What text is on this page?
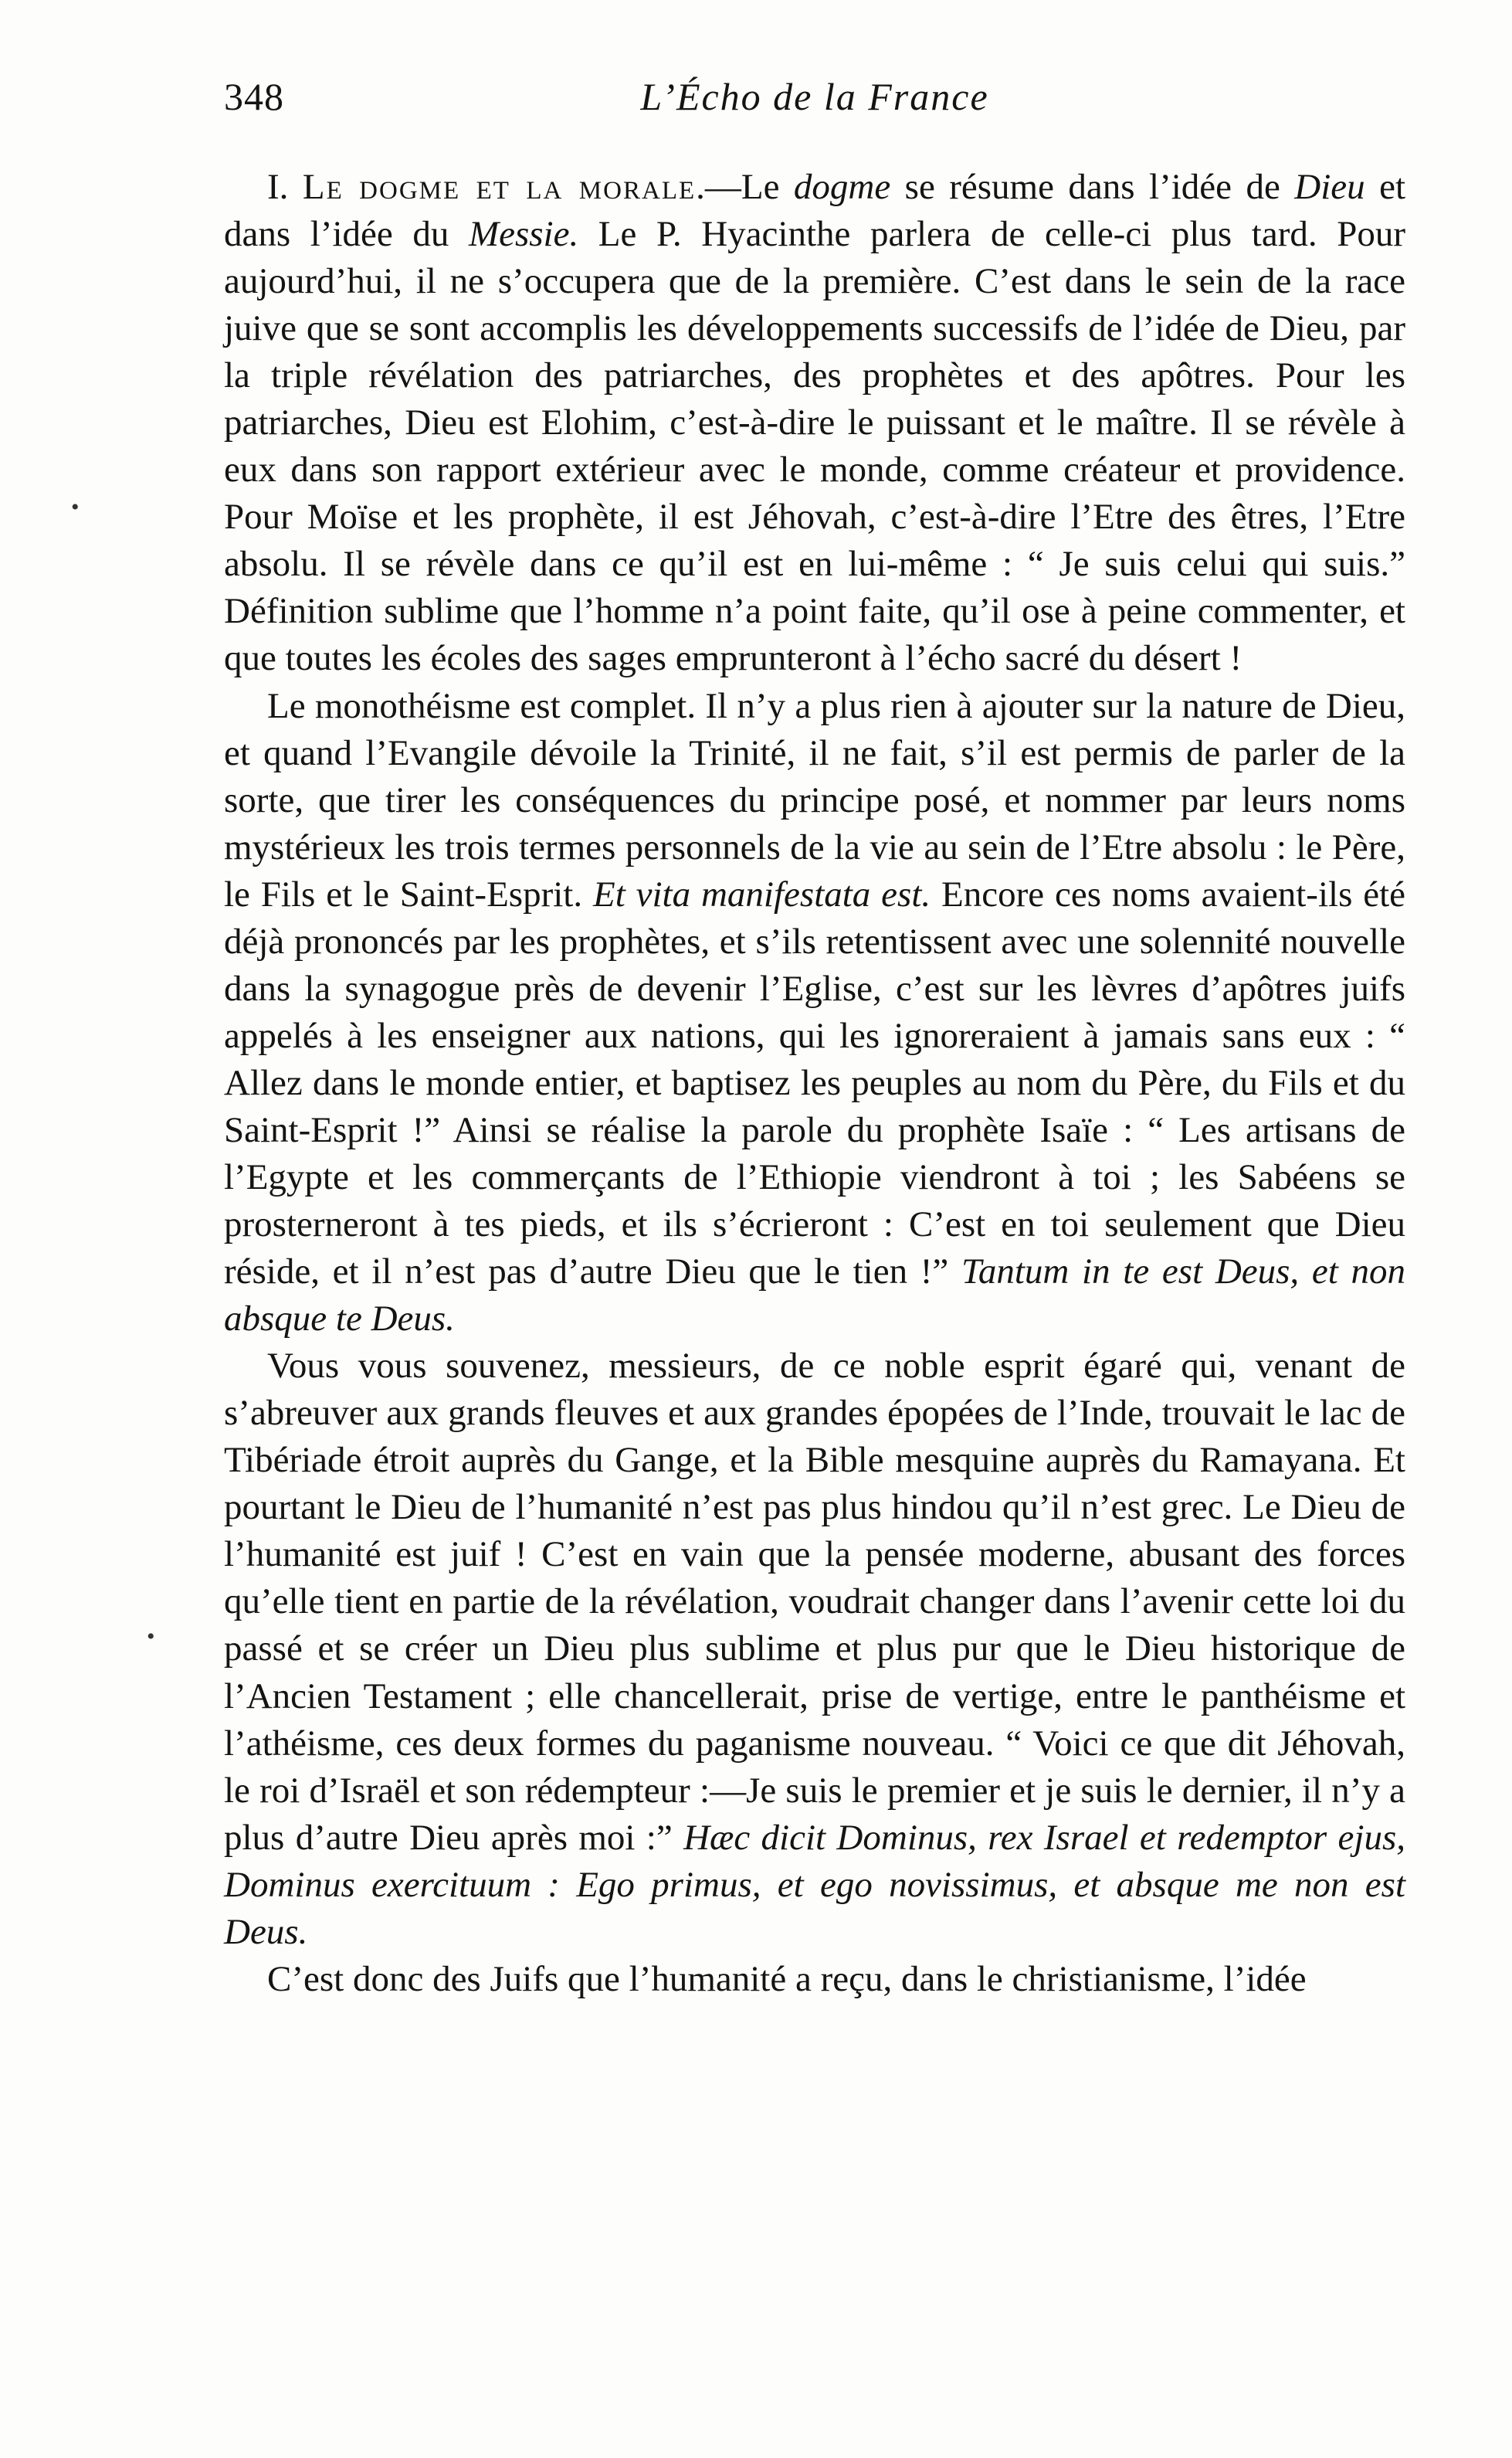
348	L’Écho de la France

I. Le dogme et la morale.—Le dogme se résume dans l’idée de Dieu et dans l’idée du Messie. Le P. Hyacinthe parlera de celle-ci plus tard. Pour aujourd’hui, il ne s’occupera que de la première. C’est dans le sein de la race juive que se sont accomplis les développements successifs de l’idée de Dieu, par la triple révélation des patriarches, des prophètes et des apôtres. Pour les patriarches, Dieu est Elohim, c’est-à-dire le puissant et le maître. Il se révèle à eux dans son rapport extérieur avec le monde, comme créateur et providence. Pour Moïse et les prophète, il est Jéhovah, c’est-à-dire l’Etre des êtres, l’Etre absolu. Il se révèle dans ce qu’il est en lui-même : “ Je suis celui qui suis.” Définition sublime que l’homme n’a point faite, qu’il ose à peine commenter, et que toutes les écoles des sages emprunteront à l’écho sacré du désert !

Le monothéisme est complet. Il n’y a plus rien à ajouter sur la nature de Dieu, et quand l’Evangile dévoile la Trinité, il ne fait, s’il est permis de parler de la sorte, que tirer les conséquences du principe posé, et nommer par leurs noms mystérieux les trois termes personnels de la vie au sein de l’Etre absolu : le Père, le Fils et le Saint-Esprit. Et vita manifestata est. Encore ces noms avaient-ils été déjà prononcés par les prophètes, et s’ils retentissent avec une solennité nouvelle dans la synagogue près de devenir l’Eglise, c’est sur les lèvres d’apôtres juifs appelés à les enseigner aux nations, qui les ignoreraient à jamais sans eux : “ Allez dans le monde entier, et baptisez les peuples au nom du Père, du Fils et du Saint-Esprit !” Ainsi se réalise la parole du prophète Isaïe : “ Les artisans de l’Egypte et les commerçants de l’Ethiopie viendront à toi ; les Sabéens se prosterneront à tes pieds, et ils s’écrieront : C’est en toi seulement que Dieu réside, et il n’est pas d’autre Dieu que le tien !” Tantum in te est Deus, et non absque te Deus.

Vous vous souvenez, messieurs, de ce noble esprit égaré qui, venant de s’abreuver aux grands fleuves et aux grandes épopées de l’Inde, trouvait le lac de Tibériade étroit auprès du Gange, et la Bible mesquine auprès du Ramayana. Et pourtant le Dieu de l’humanité n’est pas plus hindou qu’il n’est grec. Le Dieu de l’humanité est juif ! C’est en vain que la pensée moderne, abusant des forces qu’elle tient en partie de la révélation, voudrait changer dans l’avenir cette loi du passé et se créer un Dieu plus sublime et plus pur que le Dieu historique de l’Ancien Testament ; elle chancellerait, prise de vertige, entre le panthéisme et l’athéisme, ces deux formes du paganisme nouveau. “ Voici ce que dit Jéhovah, le roi d’Israël et son rédempteur :—Je suis le premier et je suis le dernier, il n’y a plus d’autre Dieu après moi :” Hæc dicit Dominus, rex Israel et redemptor ejus, Dominus exercituum : Ego primus, et ego novissimus, et absque me non est Deus.

C’est donc des Juifs que l’humanité a reçu, dans le christianisme, l’idée

•
•
